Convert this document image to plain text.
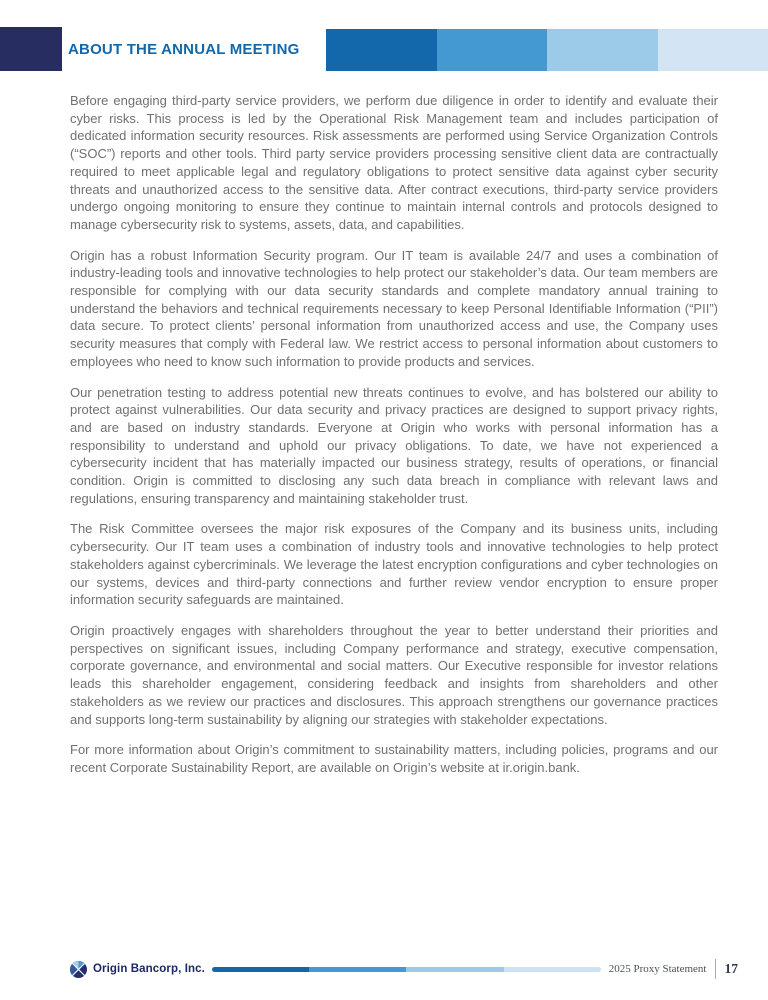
ABOUT THE ANNUAL MEETING

Before engaging third-party service providers, we perform due diligence in order to identify and evaluate their cyber risks. This process is led by the Operational Risk Management team and includes participation of dedicated information security resources. Risk assessments are performed using Service Organization Controls (“SOC”) reports and other tools. Third party service providers processing sensitive client data are contractually required to meet applicable legal and regulatory obligations to protect sensitive data against cyber security threats and unauthorized access to the sensitive data. After contract executions, third-party service providers undergo ongoing monitoring to ensure they continue to maintain internal controls and protocols designed to manage cybersecurity risk to systems, assets, data, and capabilities.

Origin has a robust Information Security program. Our IT team is available 24/7 and uses a combination of industry-leading tools and innovative technologies to help protect our stakeholder’s data. Our team members are responsible for complying with our data security standards and complete mandatory annual training to understand the behaviors and technical requirements necessary to keep Personal Identifiable Information (“PII”) data secure. To protect clients’ personal information from unauthorized access and use, the Company uses security measures that comply with Federal law. We restrict access to personal information about customers to employees who need to know such information to provide products and services.

Our penetration testing to address potential new threats continues to evolve, and has bolstered our ability to protect against vulnerabilities. Our data security and privacy practices are designed to support privacy rights, and are based on industry standards. Everyone at Origin who works with personal information has a responsibility to understand and uphold our privacy obligations. To date, we have not experienced a cybersecurity incident that has materially impacted our business strategy, results of operations, or financial condition. Origin is committed to disclosing any such data breach in compliance with relevant laws and regulations, ensuring transparency and maintaining stakeholder trust.

The Risk Committee oversees the major risk exposures of the Company and its business units, including cybersecurity. Our IT team uses a combination of industry tools and innovative technologies to help protect stakeholders against cybercriminals. We leverage the latest encryption configurations and cyber technologies on our systems, devices and third-party connections and further review vendor encryption to ensure proper information security safeguards are maintained.

Origin proactively engages with shareholders throughout the year to better understand their priorities and perspectives on significant issues, including Company performance and strategy, executive compensation, corporate governance, and environmental and social matters. Our Executive responsible for investor relations leads this shareholder engagement, considering feedback and insights from shareholders and other stakeholders as we review our practices and disclosures. This approach strengthens our governance practices and supports long-term sustainability by aligning our strategies with stakeholder expectations.

For more information about Origin’s commitment to sustainability matters, including policies, programs and our recent Corporate Sustainability Report, are available on Origin’s website at ir.origin.bank.

Origin Bancorp, Inc.	2025 Proxy Statement 17
